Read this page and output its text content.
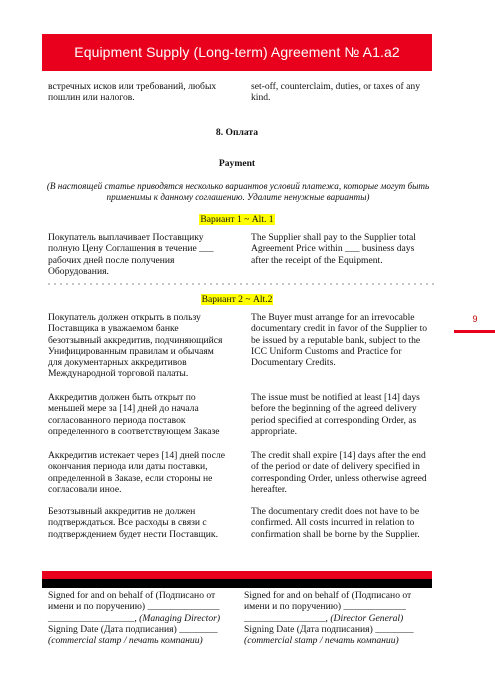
Equipment Supply (Long-term) Agreement № A1.a2
встречных исков или требований, любых пошлин или налогов.
set-off, counterclaim, duties, or taxes of any kind.
8. Оплата
Payment
(В настоящей статье приводятся несколько вариантов условий платежа, которые могут быть применимы к данному соглашению. Удалите ненужные варианты)
Вариант 1 ~ Alt. 1
Покупатель выплачивает Поставщику полную Цену Соглашения в течение ___ рабочих дней после получения Оборудования.
The Supplier shall pay to the Supplier total Agreement Price within ___ business days after the receipt of the Equipment.
Вариант 2 ~ Alt.2
Покупатель должен открыть в пользу Поставщика в уважаемом банке безотзывный аккредитив, подчиняющийся Унифицированным правилам и обычаям для документарных аккредитивов Международной торговой палаты.
The Buyer must arrange for an irrevocable documentary credit in favor of the Supplier to be issued by a reputable bank, subject to the ICC Uniform Customs and Practice for Documentary Credits.
Аккредитив должен быть открыт по меньшей мере за [14] дней до начала согласованного периода поставок определенного в соответствующем Заказе
The issue must be notified at least [14] days before the beginning of the agreed delivery period specified at corresponding Order, as appropriate.
Аккредитив истекает через [14] дней после окончания периода или даты поставки, определенной в Заказе, если стороны не согласовали иное.
The credit shall expire [14] days after the end of the period or date of delivery specified in corresponding Order, unless otherwise agreed hereafter.
Безотзывный аккредитив не должен подтверждаться. Все расходы в связи с подтверждением будет нести Поставщик.
The documentary credit does not have to be confirmed. All costs incurred in relation to confirmation shall be borne by the Supplier.
9
Signed for and on behalf of (Подписано от
имени и по поручению) _______________
__________________, (Managing Director)
Signing Date (Дата подписания) ________
(commercial stamp / печать компании)
Signed for and on behalf of (Подписано от
имени и по поручению) _____________
_________________, (Director General)
Signing Date (Дата подписания) ________
(commercial stamp / печать компании)
